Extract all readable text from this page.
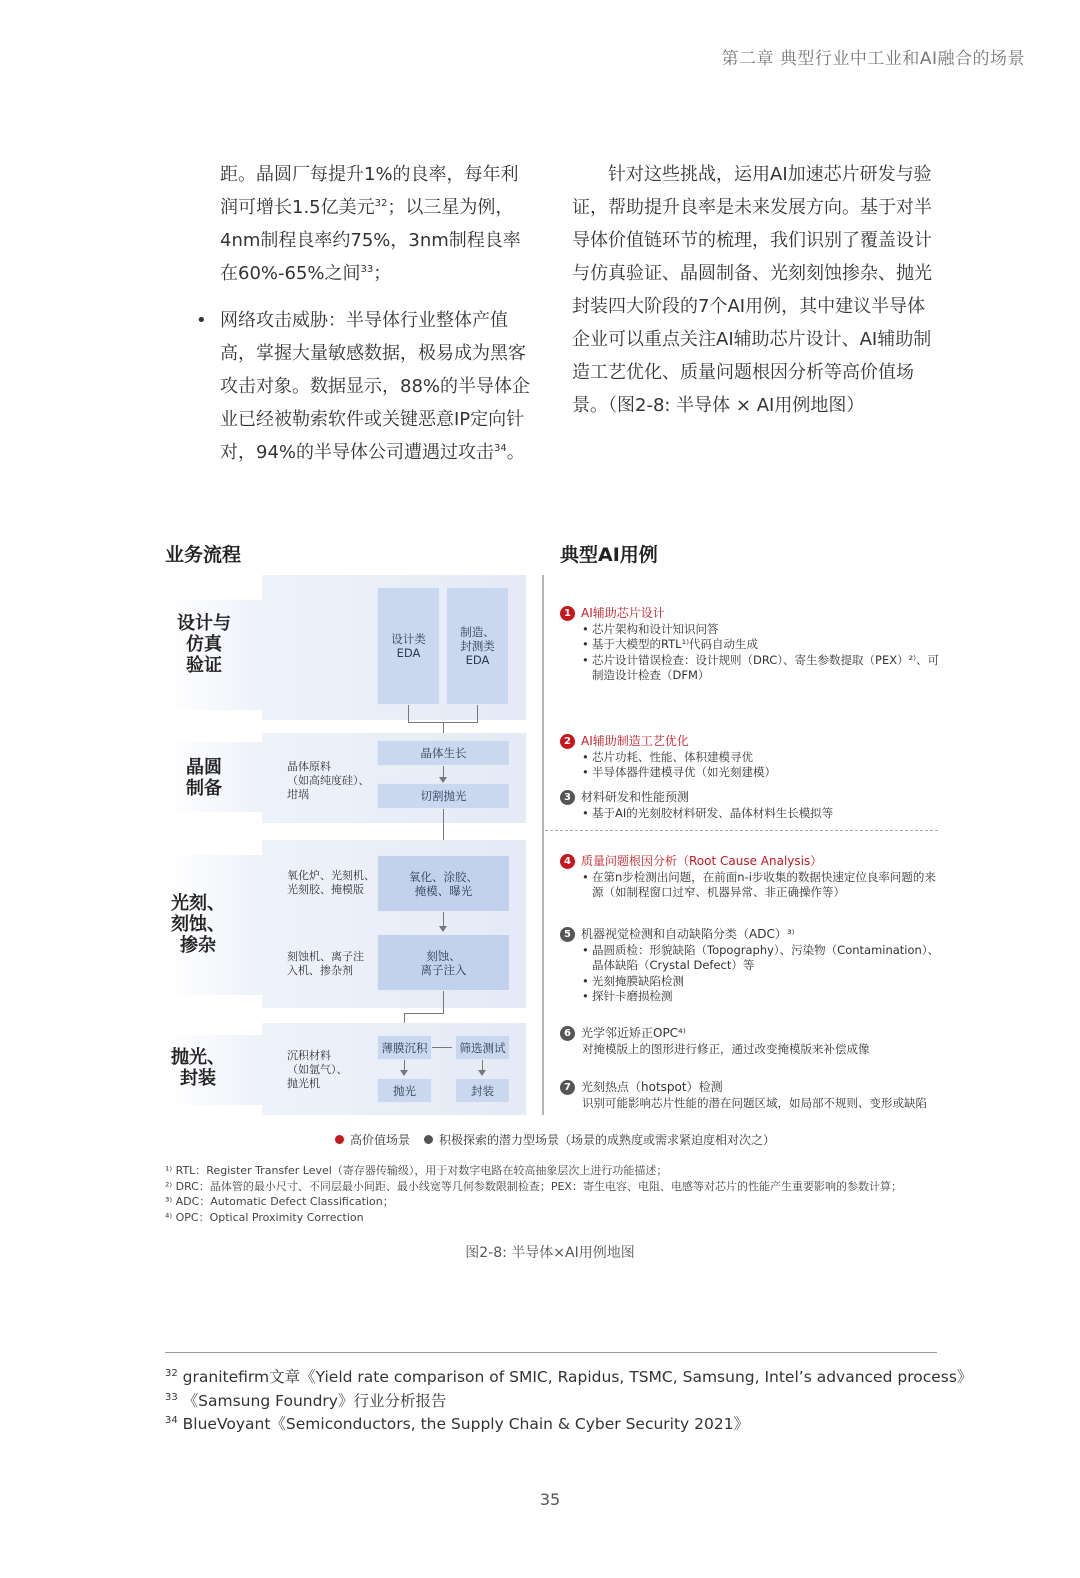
第二章 典型行业中工业和AI融合的场景

距。晶圆厂每提升1%的良率，每年利润可增长1.5亿美元$^{32}$；以三星为例，4nm制程良率约75%，3nm制程良率在60%-65%之间$^{33}$；

• 网络攻击威胁：半导体行业整体产值高，掌握大量敏感数据，极易成为黑客攻击对象。数据显示，88%的半导体企业已经被勒索软件或关键恶意IP定向针对，94%的半导体公司遭遇过攻击$^{34}$。

针对这些挑战，运用AI加速芯片研发与验证，帮助提升良率是未来发展方向。基于对半导体价值链环节的梳理，我们识别了覆盖设计与仿真验证、晶圆制备、光刻刻蚀掺杂、抛光封装四大阶段的7个AI用例，其中建议半导体企业可以重点关注AI辅助芯片设计、AI辅助制造工艺优化、质量问题根因分析等高价值场景。（图2-8: 半导体 × AI用例地图）

业务流程	典型AI用例
设计与
仿真
验证
设计类
EDA
制造、
封测类
EDA
晶圆
制备
晶体原料
（如高纯度硅）、
坩埚
晶体生长
切割抛光
光刻、
刻蚀、
掺杂
氧化炉、光刻机、
光刻胶、掩模版
刻蚀机、离子注
入机、掺杂剂
氧化、涂胶、
掩模、曝光
刻蚀、
离子注入
抛光、
封装
沉积材料
（如氩气）、
抛光机
薄膜沉积	筛选测试
抛光	封装
1 AI辅助芯片设计
• 芯片架构和设计知识问答
• 基于大模型的RTL¹⁾代码自动生成
• 芯片设计错误检查：设计规则（DRC）、寄生参数提取（PEX）²⁾、可制造设计检查（DFM）
2 AI辅助制造工艺优化
• 芯片功耗、性能、体积建模寻优
• 半导体器件建模寻优（如光刻建模）
3 材料研发和性能预测
• 基于AI的光刻胶材料研发、晶体材料生长模拟等
4 质量问题根因分析（Root Cause Analysis）
• 在第n步检测出问题，在前面n-i步收集的数据快速定位良率问题的来源（如制程窗口过窄、机器异常、非正确操作等）
5 机器视觉检测和自动缺陷分类（ADC）³⁾
• 晶圆质检：形貌缺陷（Topography）、污染物（Contamination）、晶体缺陷（Crystal Defect）等
• 光刻掩膜缺陷检测
• 探针卡磨损检测
6 光学邻近矫正OPC⁴⁾
对掩模版上的图形进行修正，通过改变掩模版来补偿成像
7 光刻热点（hotspot）检测
识别可能影响芯片性能的潜在问题区域，如局部不规则、变形或缺陷
高价值场景 积极探索的潜力型场景（场景的成熟度或需求紧迫度相对次之）
¹⁾ RTL：Register Transfer Level（寄存器传输级），用于对数字电路在较高抽象层次上进行功能描述；
²⁾ DRC：晶体管的最小尺寸、不同层最小间距、最小线宽等几何参数限制检查；PEX：寄生电容、电阻、电感等对芯片的性能产生重要影响的参数计算；
³⁾ ADC：Automatic Defect Classification；
⁴⁾ OPC：Optical Proximity Correction
图2-8: 半导体×AI用例地图
$^{32}$ granitefirm文章《Yield rate comparison of SMIC, Rapidus, TSMC, Samsung, Intel’s advanced process》
$^{33}$ 《Samsung Foundry》行业分析报告
$^{34}$ BlueVoyant《Semiconductors, the Supply Chain & Cyber Security 2021》
35
